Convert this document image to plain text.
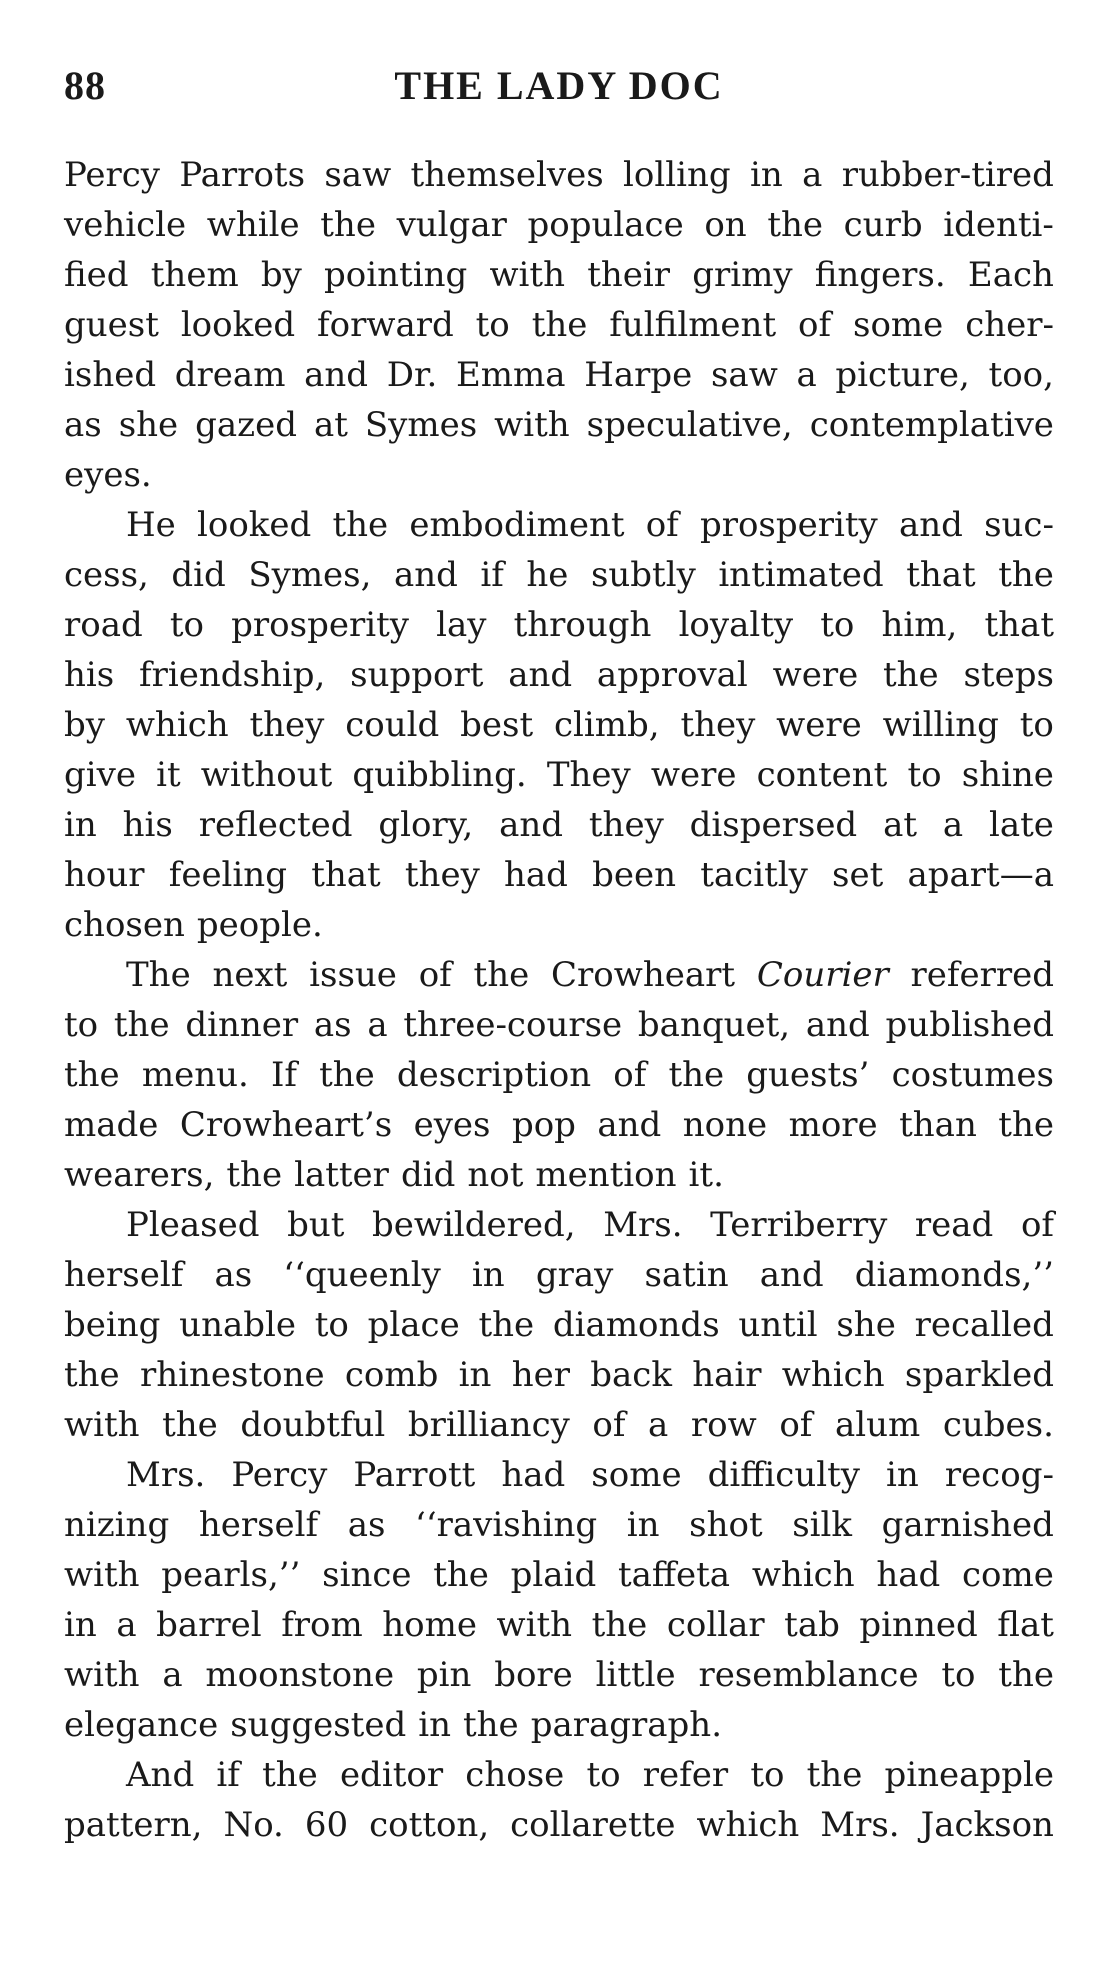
88	THE LADY DOC
Percy Parrots saw themselves lolling in a rubber-tired
vehicle while the vulgar populace on the curb identi-
fied them by pointing with their grimy fingers. Each
guest looked forward to the fulfilment of some cher-
ished dream and Dr. Emma Harpe saw a picture, too,
as she gazed at Symes with speculative, contemplative
eyes.
He looked the embodiment of prosperity and suc-
cess, did Symes, and if he subtly intimated that the
road to prosperity lay through loyalty to him, that
his friendship, support and approval were the steps
by which they could best climb, they were willing to
give it without quibbling. They were content to shine
in his reflected glory, and they dispersed at a late
hour feeling that they had been tacitly set apart—a
chosen people.
The next issue of the Crowheart Courier referred
to the dinner as a three-course banquet, and published
the menu. If the description of the guests’ costumes
made Crowheart’s eyes pop and none more than the
wearers, the latter did not mention it.
Pleased but bewildered, Mrs. Terriberry read of
herself as ‘‘queenly in gray satin and diamonds,’’
being unable to place the diamonds until she recalled
the rhinestone comb in her back hair which sparkled
with the doubtful brilliancy of a row of alum cubes.
Mrs. Percy Parrott had some difficulty in recog-
nizing herself as ‘‘ravishing in shot silk garnished
with pearls,’’ since the plaid taffeta which had come
in a barrel from home with the collar tab pinned flat
with a moonstone pin bore little resemblance to the
elegance suggested in the paragraph.
And if the editor chose to refer to the pineapple
pattern, No. 60 cotton, collarette which Mrs. Jackson
